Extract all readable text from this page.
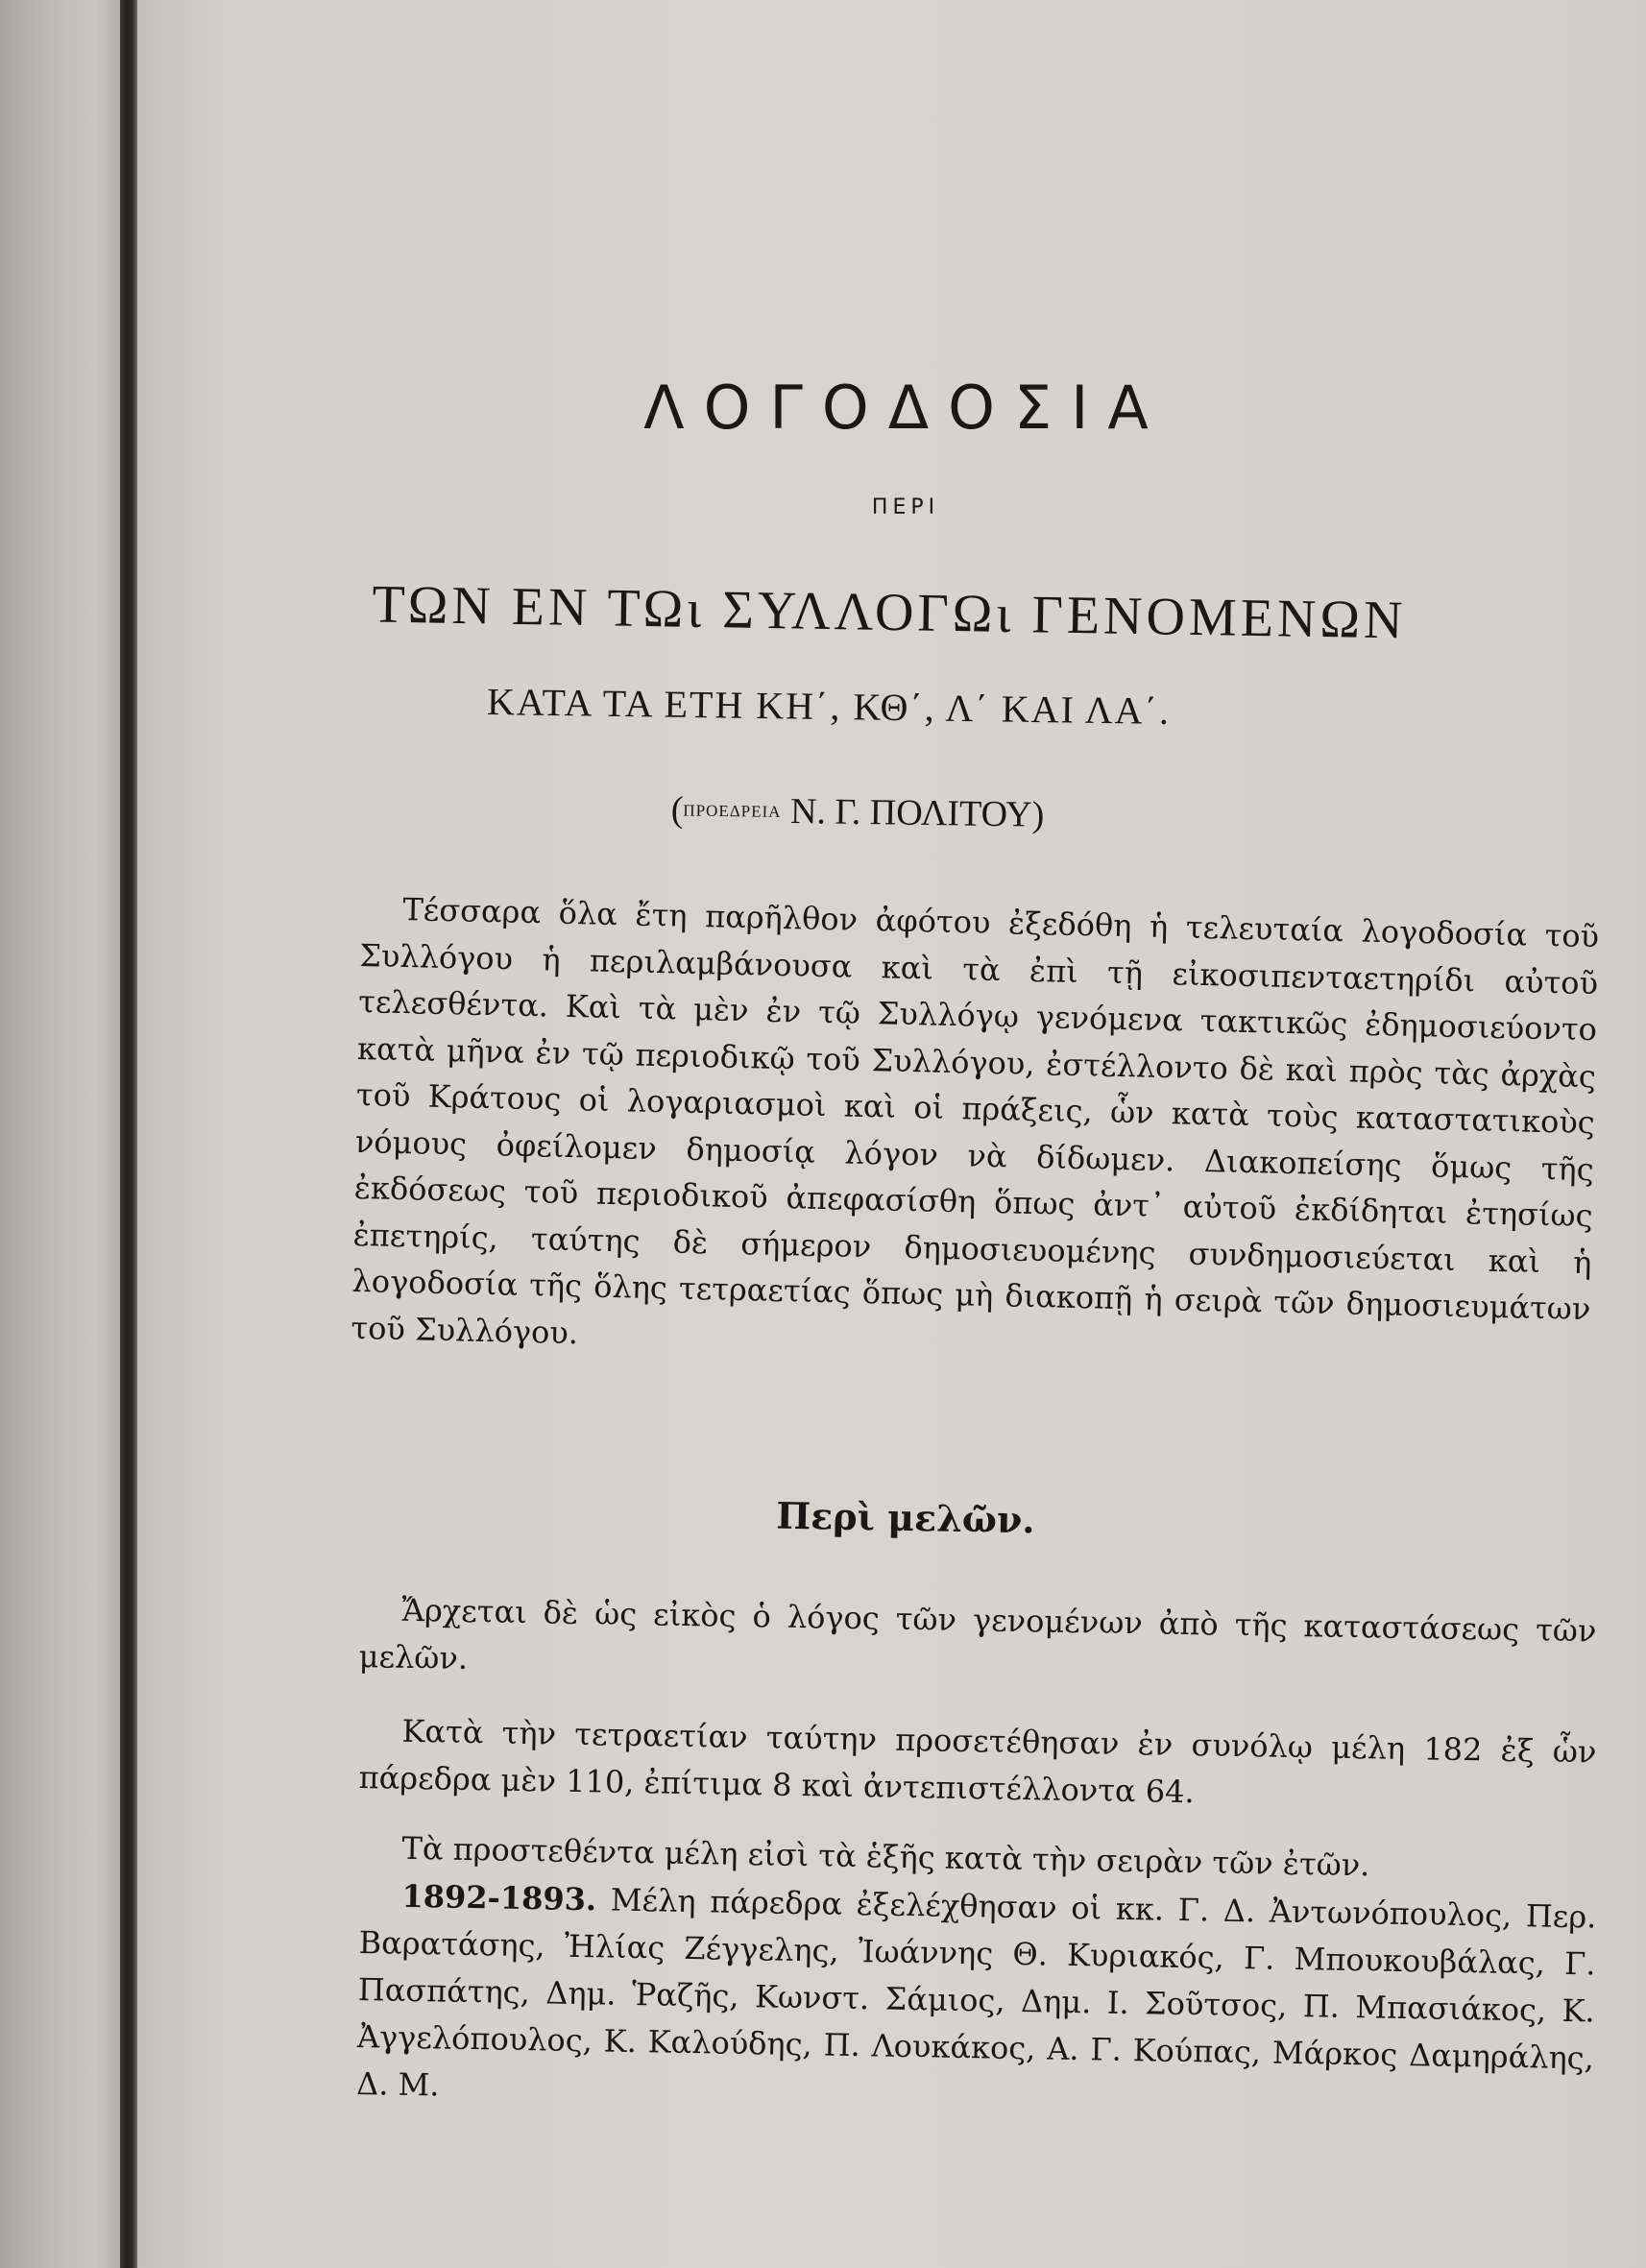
ΛΟΓΟΔΟΣΙΑ
ΠΕΡΙ
ΤΩΝ ΕΝ ΤΩι ΣΥΛΛΟΓΩι ΓΕΝΟΜΕΝΩΝ
ΚΑΤΑ ΤΑ ΕΤΗ ΚΗ΄, ΚΘ΄, Λ΄ ΚΑΙ ΛΑ΄.
(ΠΡΟΕΔΡΕΙΑ Ν. Γ. ΠΟΛΙΤΟΥ)

Τέσσαρα ὅλα ἔτη παρῆλθον ἀφότου ἐξεδόθη ἡ τελευταία λογοδοσία τοῦ Συλλόγου ἡ περιλαμβάνουσα καὶ τὰ ἐπὶ τῇ εἰκοσιπενταετηρίδι αὐτοῦ τελεσθέντα. Καὶ τὰ μὲν ἐν τῷ Συλλόγῳ γενόμενα τακτικῶς ἐδημοσιεύοντο κατὰ μῆνα ἐν τῷ περιοδικῷ τοῦ Συλλόγου, ἐστέλλοντο δὲ καὶ πρὸς τὰς ἀρχὰς τοῦ Κράτους οἱ λογαριασμοὶ καὶ οἱ πράξεις, ὧν κατὰ τοὺς καταστατικοὺς νόμους ὀφείλομεν δημοσίᾳ λόγον νὰ δίδωμεν. Διακοπείσης ὅμως τῆς ἐκδόσεως τοῦ περιοδικοῦ ἀπεφασίσθη ὅπως ἀντ᾽ αὐτοῦ ἐκδίδηται ἐτησίως ἐπετηρίς, ταύτης δὲ σήμερον δημοσιευομένης συνδημοσιεύεται καὶ ἡ λογοδοσία τῆς ὅλης τετραετίας ὅπως μὴ διακοπῇ ἡ σειρὰ τῶν δημοσιευμάτων τοῦ Συλλόγου.

Περὶ μελῶν.

Ἄρχεται δὲ ὡς εἰκὸς ὁ λόγος τῶν γενομένων ἀπὸ τῆς καταστάσεως τῶν μελῶν.

Κατὰ τὴν τετραετίαν ταύτην προσετέθησαν ἐν συνόλῳ μέλη 182 ἐξ ὧν πάρεδρα μὲν 110, ἐπίτιμα 8 καὶ ἀντεπιστέλλοντα 64.

Τὰ προστεθέντα μέλη εἰσὶ τὰ ἑξῆς κατὰ τὴν σειρὰν τῶν ἐτῶν.

1892-1893. Μέλη πάρεδρα ἐξελέχθησαν οἱ κκ. Γ. Δ. Ἀντωνόπουλος, Περ. Βαρατάσης, Ἠλίας Ζέγγελης, Ἰωάννης Θ. Κυριακός, Γ. Μπουκουβάλας, Γ. Πασπάτης, Δημ. Ῥαζῆς, Κωνστ. Σάμιος, Δημ. Ι. Σοῦτσος, Π. Μπασιάκος, Κ. Ἀγγελόπουλος, Κ. Καλούδης, Π. Λουκάκος, Α. Γ. Κούπας, Μάρκος Δαμηράλης, Δ. Μ.
